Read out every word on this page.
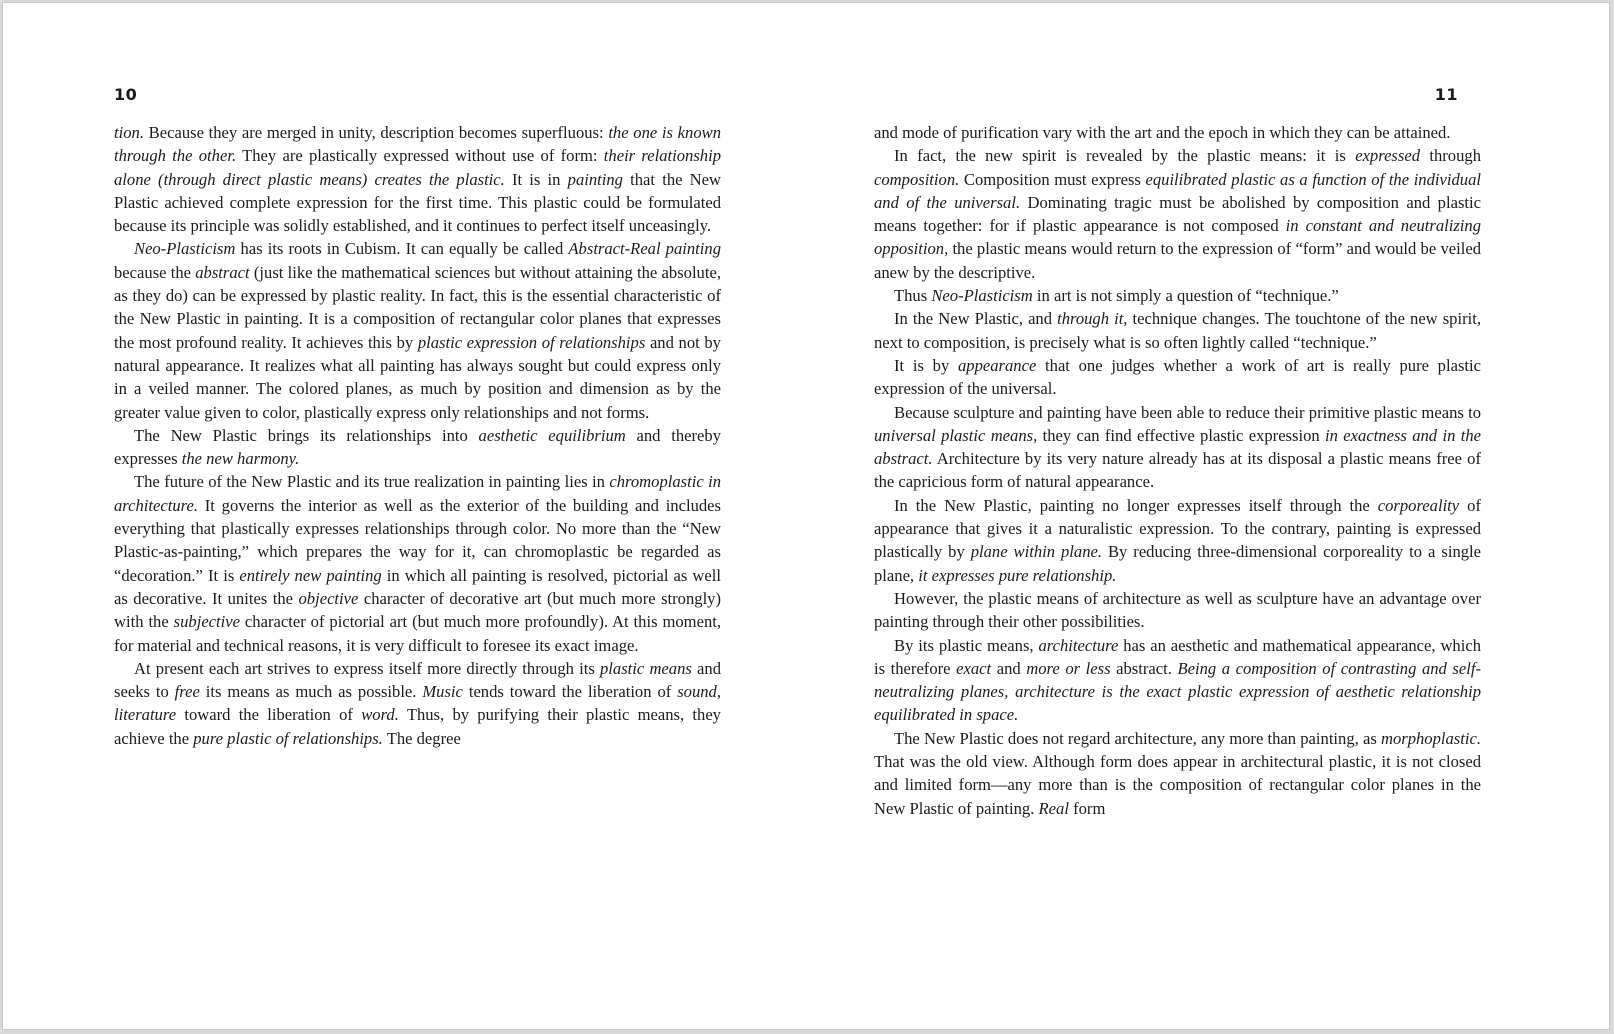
10

tion. Because they are merged in unity, description becomes superfluous: the one is known through the other. They are plastically expressed without use of form: their relationship alone (through direct plastic means) creates the plastic. It is in painting that the New Plastic achieved complete expression for the first time. This plastic could be formulated because its principle was solidly established, and it continues to perfect itself unceasingly.

Neo-Plasticism has its roots in Cubism. It can equally be called Abstract-Real painting because the abstract (just like the mathematical sciences but without attaining the absolute, as they do) can be expressed by plastic reality. In fact, this is the essential characteristic of the New Plastic in painting. It is a composition of rectangular color planes that expresses the most profound reality. It achieves this by plastic expression of relationships and not by natural appearance. It realizes what all painting has always sought but could express only in a veiled manner. The colored planes, as much by position and dimension as by the greater value given to color, plastically express only relationships and not forms.

The New Plastic brings its relationships into aesthetic equilibrium and thereby expresses the new harmony.

The future of the New Plastic and its true realization in painting lies in chromoplastic in architecture. It governs the interior as well as the exterior of the building and includes everything that plastically expresses relationships through color. No more than the “New Plastic-as-painting,” which prepares the way for it, can chromoplastic be regarded as “decoration.” It is entirely new painting in which all painting is resolved, pictorial as well as decorative. It unites the objective character of decorative art (but much more strongly) with the subjective character of pictorial art (but much more profoundly). At this moment, for material and technical reasons, it is very difficult to foresee its exact image.

At present each art strives to express itself more directly through its plastic means and seeks to free its means as much as possible. Music tends toward the liberation of sound, literature toward the liberation of word. Thus, by purifying their plastic means, they achieve the pure plastic of relationships. The degree

11

and mode of purification vary with the art and the epoch in which they can be attained.

In fact, the new spirit is revealed by the plastic means: it is expressed through composition. Composition must express equilibrated plastic as a function of the individual and of the universal. Dominating tragic must be abolished by composition and plastic means together: for if plastic appearance is not composed in constant and neutralizing opposition, the plastic means would return to the expression of “form” and would be veiled anew by the descriptive.

Thus Neo-Plasticism in art is not simply a question of “technique.”

In the New Plastic, and through it, technique changes. The touchtone of the new spirit, next to composition, is precisely what is so often lightly called “technique.”

It is by appearance that one judges whether a work of art is really pure plastic expression of the universal.

Because sculpture and painting have been able to reduce their primitive plastic means to universal plastic means, they can find effective plastic expression in exactness and in the abstract. Architecture by its very nature already has at its disposal a plastic means free of the capricious form of natural appearance.

In the New Plastic, painting no longer expresses itself through the corporeality of appearance that gives it a naturalistic expression. To the contrary, painting is expressed plastically by plane within plane. By reducing three-dimensional corporeality to a single plane, it expresses pure relationship.

However, the plastic means of architecture as well as sculpture have an advantage over painting through their other possibilities.

By its plastic means, architecture has an aesthetic and mathematical appearance, which is therefore exact and more or less abstract. Being a composition of contrasting and self-neutralizing planes, architecture is the exact plastic expression of aesthetic relationship equilibrated in space.

The New Plastic does not regard architecture, any more than painting, as morphoplastic. That was the old view. Although form does appear in architectural plastic, it is not closed and limited form—any more than is the composition of rectangular color planes in the New Plastic of painting. Real form
